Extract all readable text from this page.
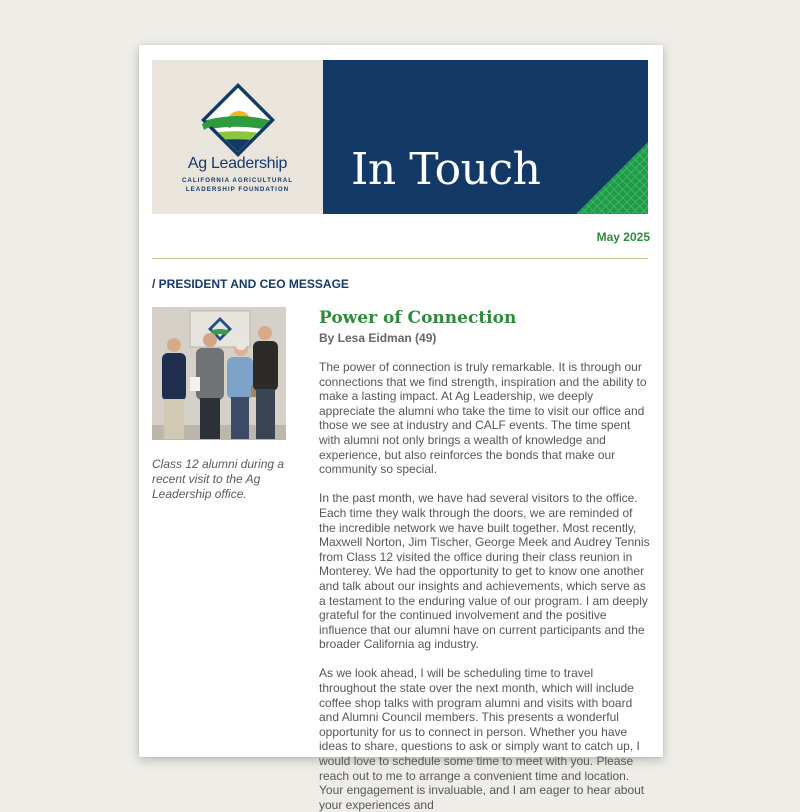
Ag Leadership
CALIFORNIA AGRICULTURAL
LEADERSHIP FOUNDATION	In Touch
May 2025
/ PRESIDENT AND CEO MESSAGE
Class 12 alumni during a recent visit to the Ag Leadership office.
Power of Connection

By Lesa Eidman (49)

The power of connection is truly remarkable. It is through our connections that we find strength, inspiration and the ability to make a lasting impact. At Ag Leadership, we deeply appreciate the alumni who take the time to visit our office and those we see at industry and CALF events. The time spent with alumni not only brings a wealth of knowledge and experience, but also reinforces the bonds that make our community so special.

In the past month, we have had several visitors to the office. Each time they walk through the doors, we are reminded of the incredible network we have built together. Most recently, Maxwell Norton, Jim Tischer, George Meek and Audrey Tennis from Class 12 visited the office during their class reunion in Monterey. We had the opportunity to get to know one another and talk about our insights and achievements, which serve as a testament to the enduring value of our program. I am deeply grateful for the continued involvement and the positive influence that our alumni have on current participants and the broader California ag industry.

As we look ahead, I will be scheduling time to travel throughout the state over the next month, which will include coffee shop talks with program alumni and visits with board and Alumni Council members. This presents a wonderful opportunity for us to connect in person. Whether you have ideas to share, questions to ask or simply want to catch up, I would love to schedule some time to meet with you. Please reach out to me to arrange a convenient time and location. Your engagement is invaluable, and I am eager to hear about your experiences and
